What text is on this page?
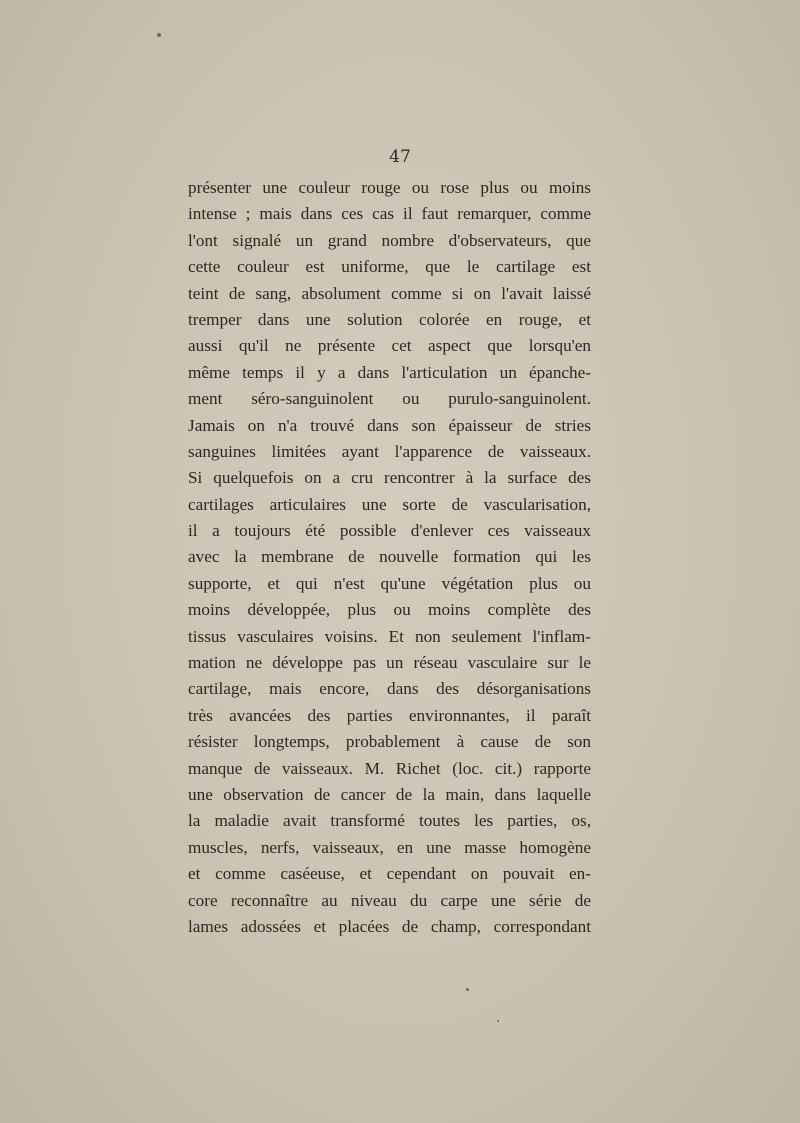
47
présenter une couleur rouge ou rose plus ou moins
intense ; mais dans ces cas il faut remarquer, comme
l'ont signalé un grand nombre d'observateurs, que
cette couleur est uniforme, que le cartilage est
teint de sang, absolument comme si on l'avait laissé
tremper dans une solution colorée en rouge, et
aussi qu'il ne présente cet aspect que lorsqu'en
même temps il y a dans l'articulation un épanche-
ment séro-sanguinolent ou purulo-sanguinolent.
Jamais on n'a trouvé dans son épaisseur de stries
sanguines limitées ayant l'apparence de vaisseaux.
Si quelquefois on a cru rencontrer à la surface des
cartilages articulaires une sorte de vascularisation,
il a toujours été possible d'enlever ces vaisseaux
avec la membrane de nouvelle formation qui les
supporte, et qui n'est qu'une végétation plus ou
moins développée, plus ou moins complète des
tissus vasculaires voisins. Et non seulement l'inflam-
mation ne développe pas un réseau vasculaire sur le
cartilage, mais encore, dans des désorganisations
très avancées des parties environnantes, il paraît
résister longtemps, probablement à cause de son
manque de vaisseaux. M. Richet (loc. cit.) rapporte
une observation de cancer de la main, dans laquelle
la maladie avait transformé toutes les parties, os,
muscles, nerfs, vaisseaux, en une masse homogène
et comme caséeuse, et cependant on pouvait en-
core reconnaître au niveau du carpe une série de
lames adossées et placées de champ, correspondant
